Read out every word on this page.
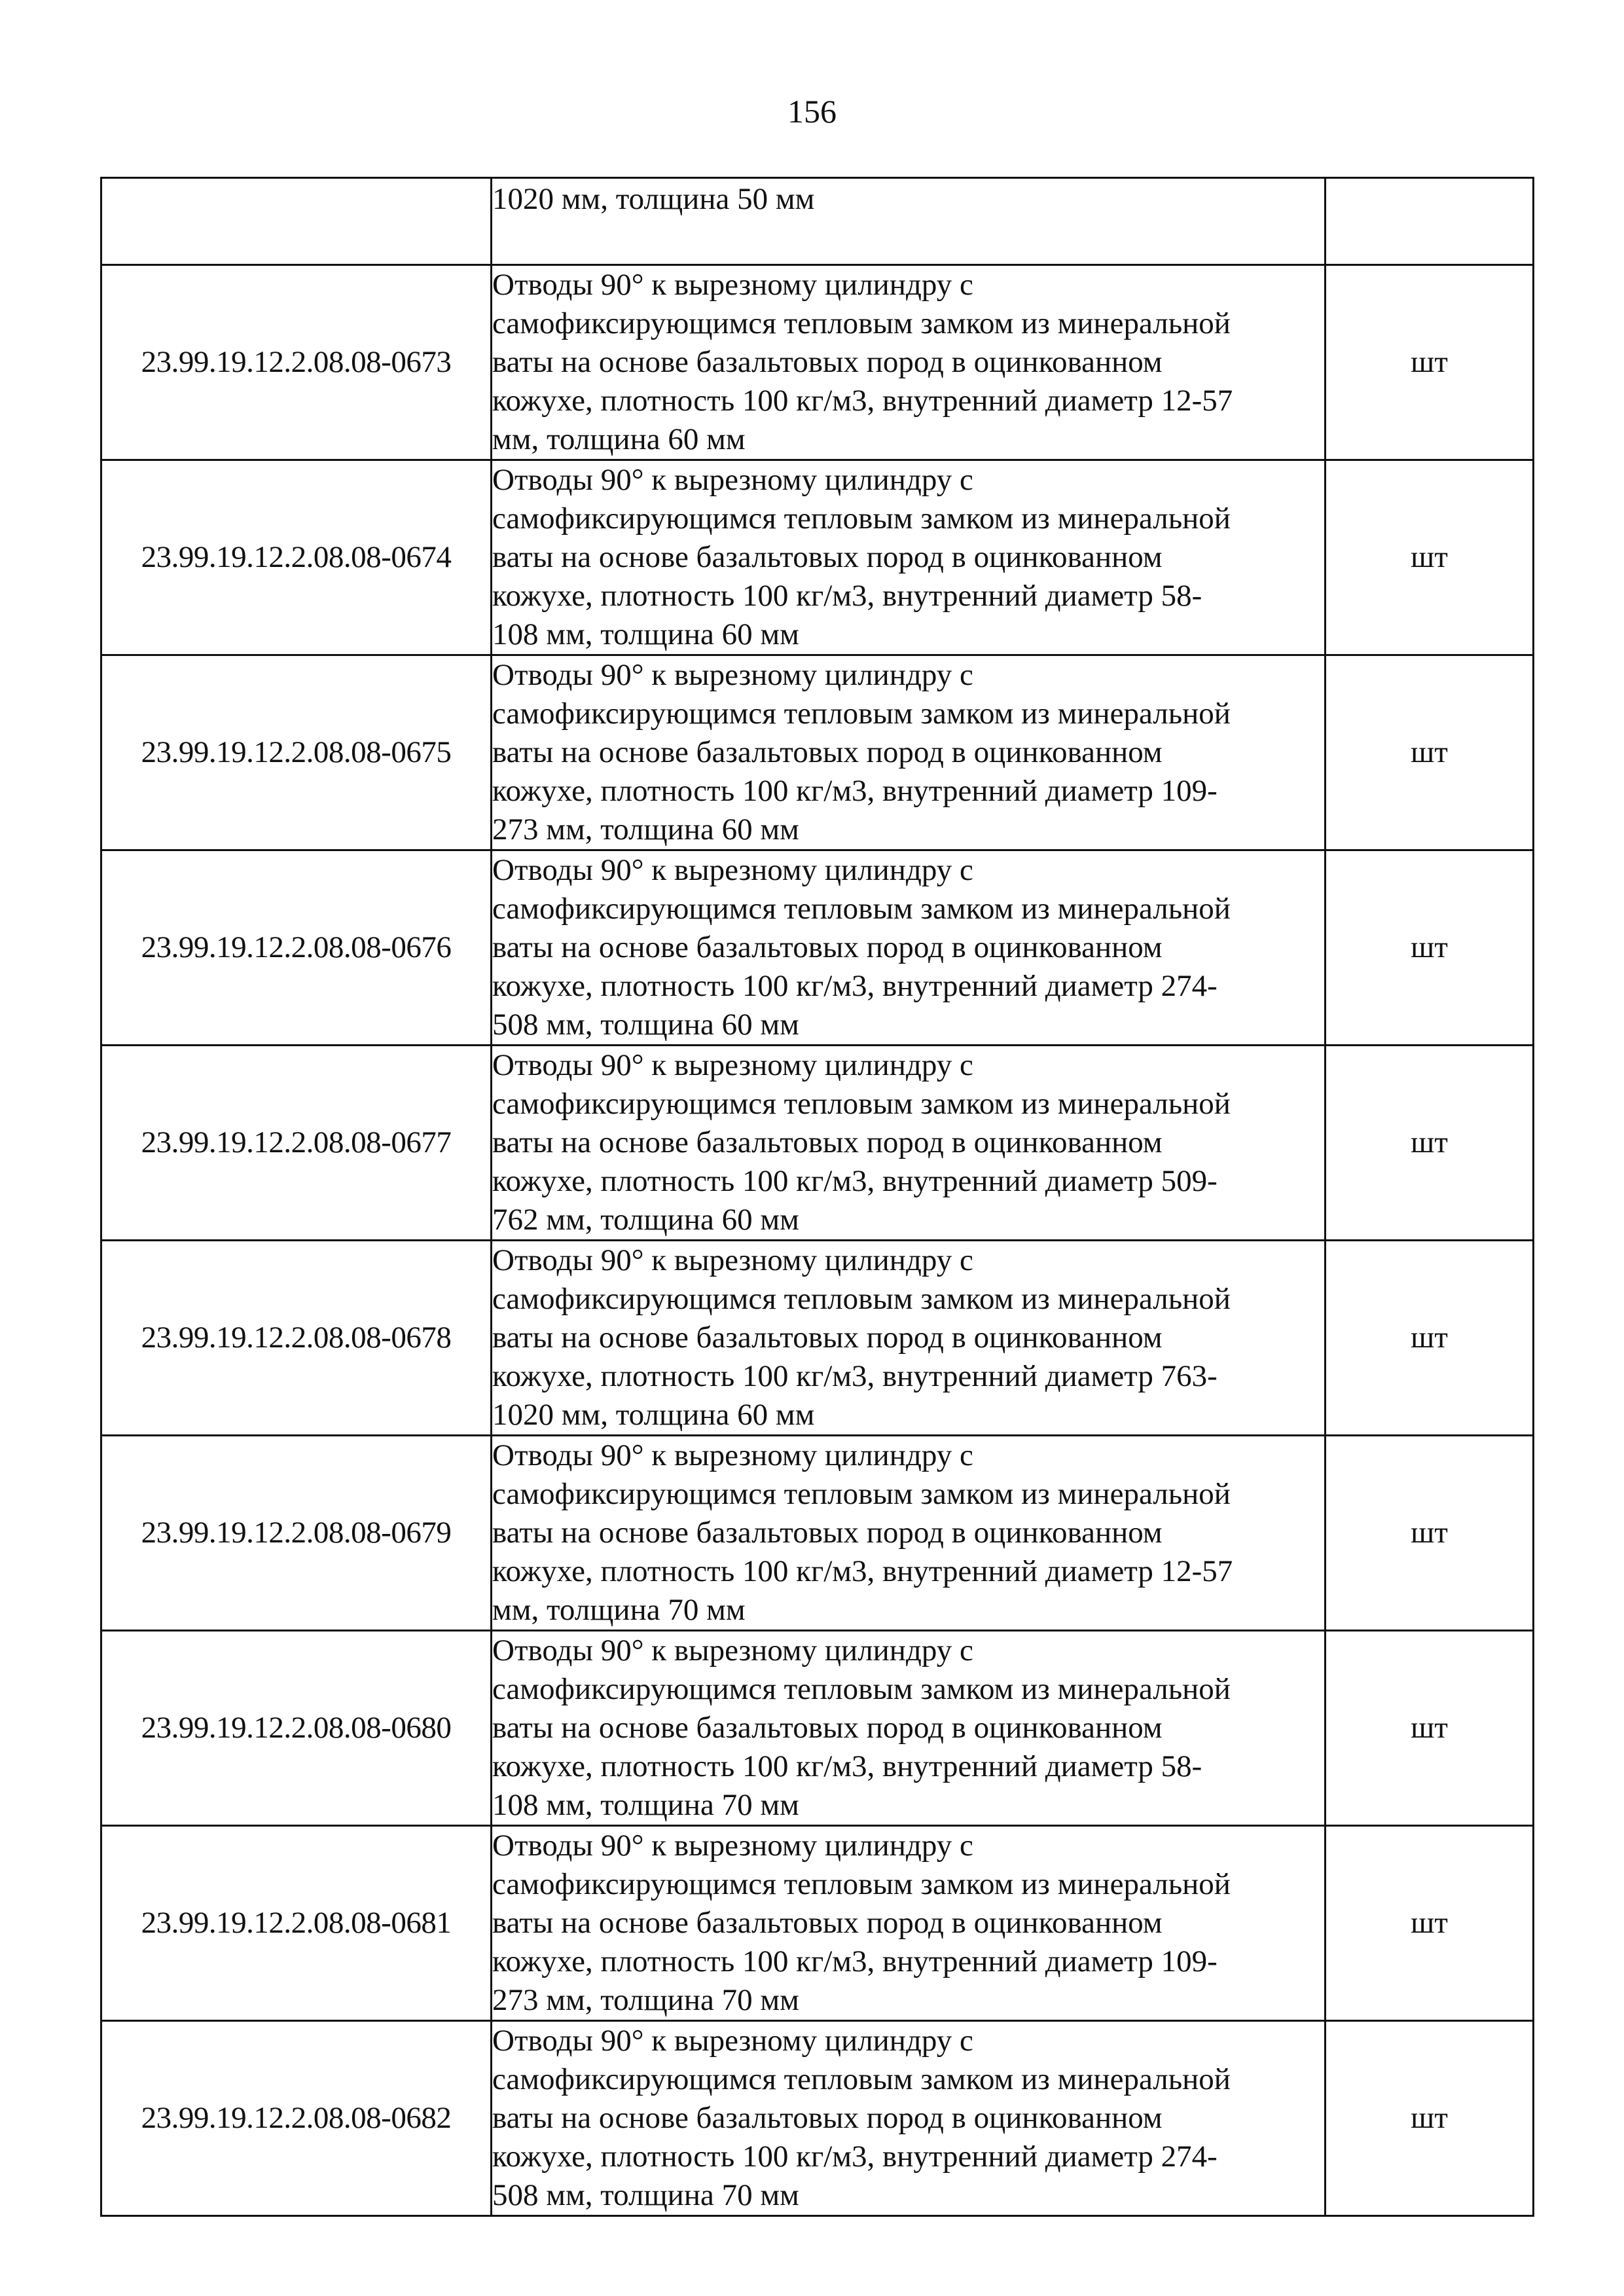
156

	1020 мм, толщина 50 мм	

23.99.19.12.2.08.08-0673	Отводы 90° к вырезному цилиндру с
самофиксирующимся тепловым замком из минеральной
ваты на основе базальтовых пород в оцинкованном
кожухе, плотность 100 кг/м3, внутренний диаметр 12-57
мм, толщина 60 мм	шт
23.99.19.12.2.08.08-0674	Отводы 90° к вырезному цилиндру с
самофиксирующимся тепловым замком из минеральной
ваты на основе базальтовых пород в оцинкованном
кожухе, плотность 100 кг/м3, внутренний диаметр 58-
108 мм, толщина 60 мм	шт
23.99.19.12.2.08.08-0675	Отводы 90° к вырезному цилиндру с
самофиксирующимся тепловым замком из минеральной
ваты на основе базальтовых пород в оцинкованном
кожухе, плотность 100 кг/м3, внутренний диаметр 109-
273 мм, толщина 60 мм	шт
23.99.19.12.2.08.08-0676	Отводы 90° к вырезному цилиндру с
самофиксирующимся тепловым замком из минеральной
ваты на основе базальтовых пород в оцинкованном
кожухе, плотность 100 кг/м3, внутренний диаметр 274-
508 мм, толщина 60 мм	шт
23.99.19.12.2.08.08-0677	Отводы 90° к вырезному цилиндру с
самофиксирующимся тепловым замком из минеральной
ваты на основе базальтовых пород в оцинкованном
кожухе, плотность 100 кг/м3, внутренний диаметр 509-
762 мм, толщина 60 мм	шт
23.99.19.12.2.08.08-0678	Отводы 90° к вырезному цилиндру с
самофиксирующимся тепловым замком из минеральной
ваты на основе базальтовых пород в оцинкованном
кожухе, плотность 100 кг/м3, внутренний диаметр 763-
1020 мм, толщина 60 мм	шт
23.99.19.12.2.08.08-0679	Отводы 90° к вырезному цилиндру с
самофиксирующимся тепловым замком из минеральной
ваты на основе базальтовых пород в оцинкованном
кожухе, плотность 100 кг/м3, внутренний диаметр 12-57
мм, толщина 70 мм	шт
23.99.19.12.2.08.08-0680	Отводы 90° к вырезному цилиндру с
самофиксирующимся тепловым замком из минеральной
ваты на основе базальтовых пород в оцинкованном
кожухе, плотность 100 кг/м3, внутренний диаметр 58-
108 мм, толщина 70 мм	шт
23.99.19.12.2.08.08-0681	Отводы 90° к вырезному цилиндру с
самофиксирующимся тепловым замком из минеральной
ваты на основе базальтовых пород в оцинкованном
кожухе, плотность 100 кг/м3, внутренний диаметр 109-
273 мм, толщина 70 мм	шт
23.99.19.12.2.08.08-0682	Отводы 90° к вырезному цилиндру с
самофиксирующимся тепловым замком из минеральной
ваты на основе базальтовых пород в оцинкованном
кожухе, плотность 100 кг/м3, внутренний диаметр 274-
508 мм, толщина 70 мм	шт
